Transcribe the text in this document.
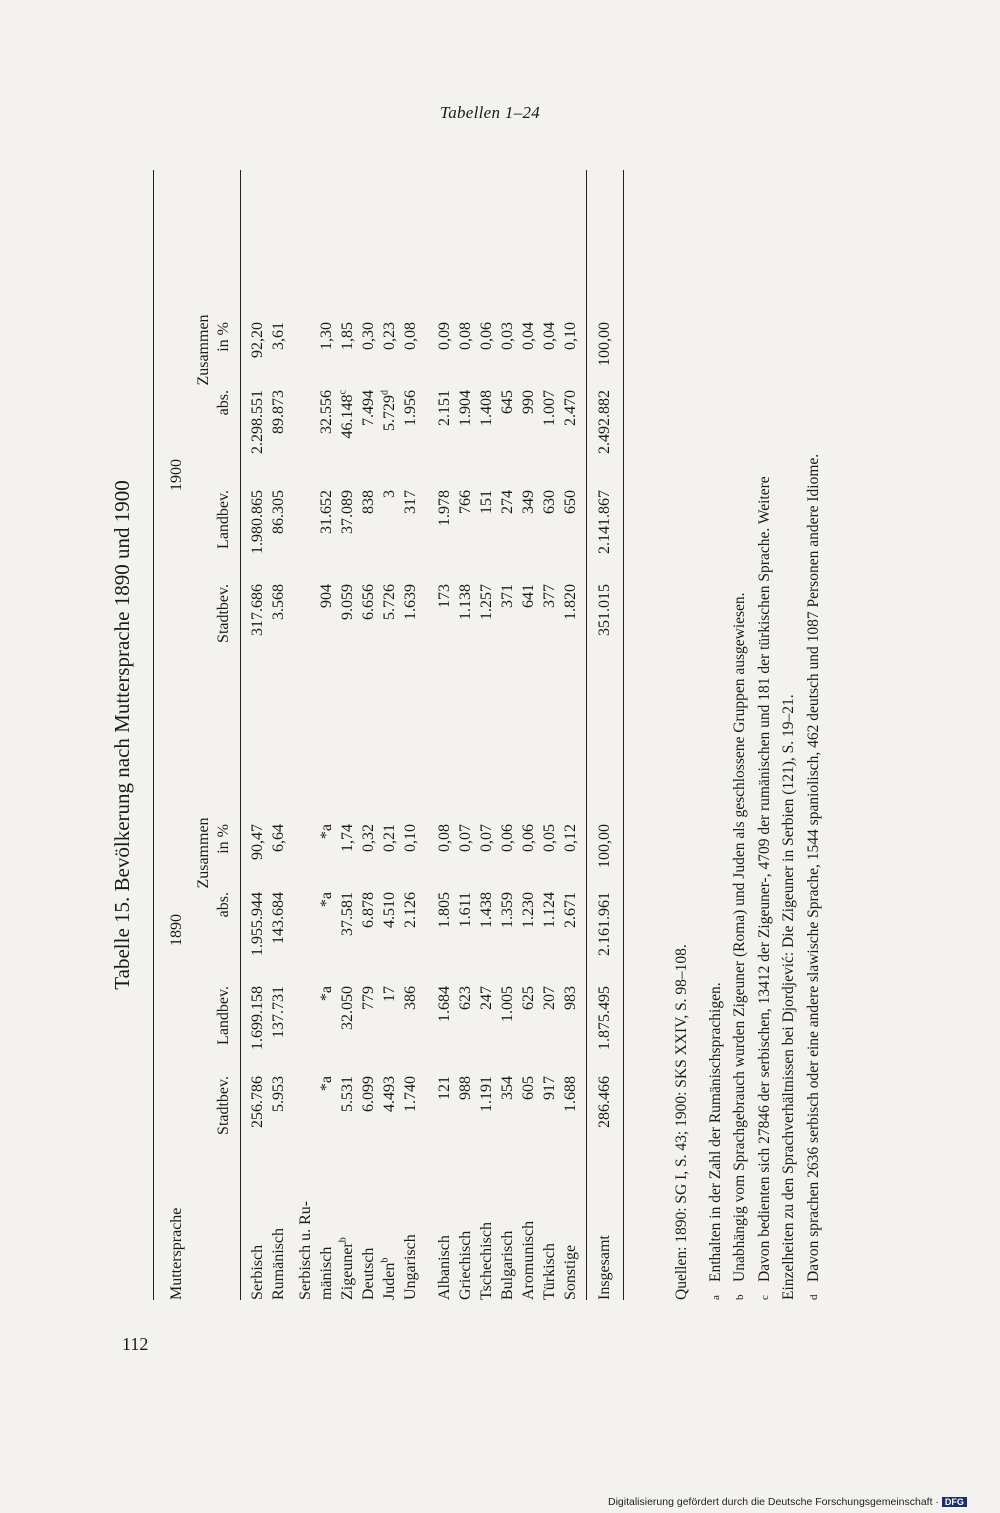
Tabellen 1–24
112
Digitalisierung gefördert durch die Deutsche Forschungsgemeinschaft · DFG
Tabelle 15. Bevölkerung nach Muttersprache 1890 und 1900
Muttersprache
1890
1900
Zusammen
Zusammen
Stadtbev.
Landbev.
abs.
in %
Stadtbev.
Landbev.
abs.
in %
Serbisch
256.786
1.699.158
1.955.944
90,47
317.686
1.980.865
2.298.551
92,20
Rumänisch
5.953
137.731
143.684
6,64
3.568
86.305
89.873
3,61
Serbisch u. Ru- mänisch
*a
*a
*a
*a
904
31.652
32.556
1,30
Zigeuner$^b$
5.531
32.050
37.581
1,74
9.059
37.089
46.148$^c$
1,85
Deutsch
6.099
779
6.878
0,32
6.656
838
7.494
0,30
Juden$^b$
4.493
17
4.510
0,21
5.726
3
5.729$^d$
0,23
Ungarisch
1.740
386
2.126
0,10
1.639
317
1.956
0,08
Albanisch
121
1.684
1.805
0,08
173
1.978
2.151
0,09
Griechisch
988
623
1.611
0,07
1.138
766
1.904
0,08
Tschechisch
1.191
247
1.438
0,07
1.257
151
1.408
0,06
Bulgarisch
354
1.005
1.359
0,06
371
274
645
0,03
Aromunisch
605
625
1.230
0,06
641
349
990
0,04
Türkisch
917
207
1.124
0,05
377
630
1.007
0,04
Sonstige
1.688
983
2.671
0,12
1.820
650
2.470
0,10
Insgesamt
286.466
1.875.495
2.161.961
100,00
351.015
2.141.867
2.492.882
100,00

Quellen: 1890: SG I, S. 43; 1900: SKS XXIV, S. 98–108.	aEnthalten in der Zahl der Rumänischsprachigen.

bUnabhängig vom Sprachgebrauch wurden Zigeuner (Roma) und Juden als geschlossene Gruppen ausgewiesen.

cDavon bedienten sich 27846 der serbischen, 13412 der Zigeuner-, 4709 der rumänischen und 181 der türkischen Sprache. Weitere Einzelheiten zu den Sprachverhältnissen bei Djordjević: Die Zigeuner in Serbien (121), S. 19–21. dDavon sprachen 2636 serbisch oder eine andere slawische Sprache, 1544 spaniolisch, 462 deutsch und 1087 Personen andere Idiome.
